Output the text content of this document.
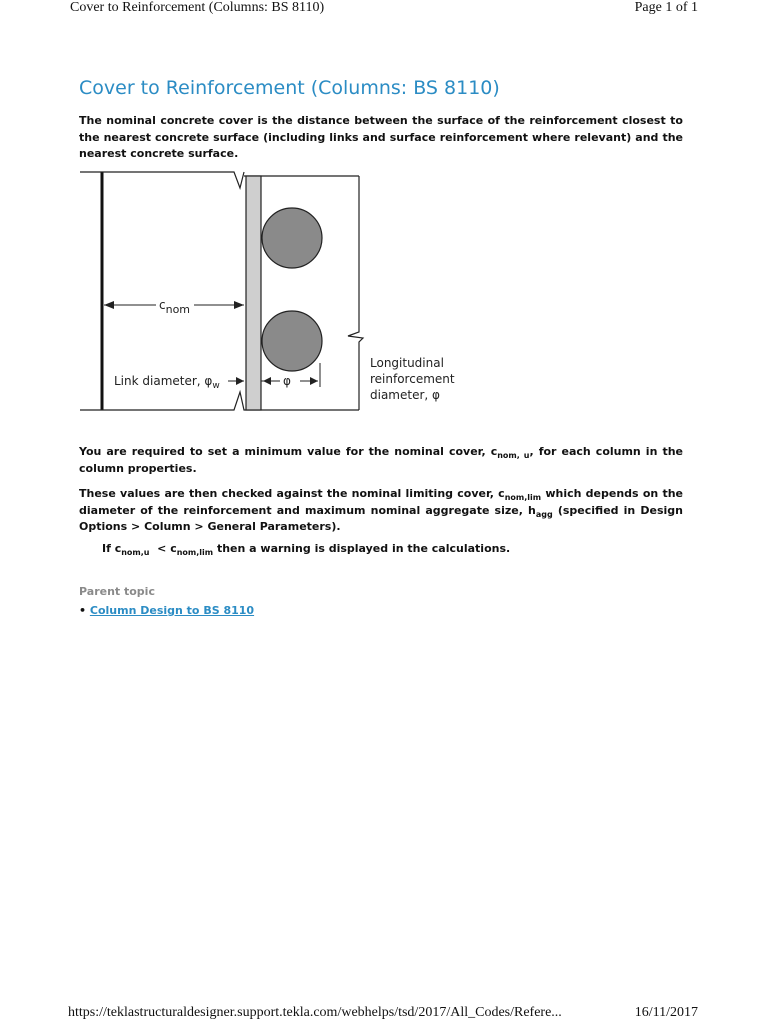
Cover to Reinforcement (Columns: BS 8110)	Page 1 of 1
Cover to Reinforcement (Columns: BS 8110)

The nominal concrete cover is the distance between the surface of the reinforcement closest to the nearest concrete surface (including links and surface reinforcement where relevant) and the nearest concrete surface.

cnom
Link diameter, $\varphi_w$	φ
Longitudinal
reinforcement
diameter, φ

You are required to set a minimum value for the nominal cover, $c_{nom, u}$, for each column in the column properties.

These values are then checked against the nominal limiting cover, $c_{nom,lim}$ which depends on the diameter of the reinforcement and maximum nominal aggregate size, $h_{agg}$ (specified in Design Options > Column > General Parameters).

If $c_{nom,u} < c_{nom,lim}$ then a warning is displayed in the calculations.

Parent topic
• Column Design to BS 8110
https://teklastructuraldesigner.support.tekla.com/webhelps/tsd/2017/All_Codes/Refere...	16/11/2017
